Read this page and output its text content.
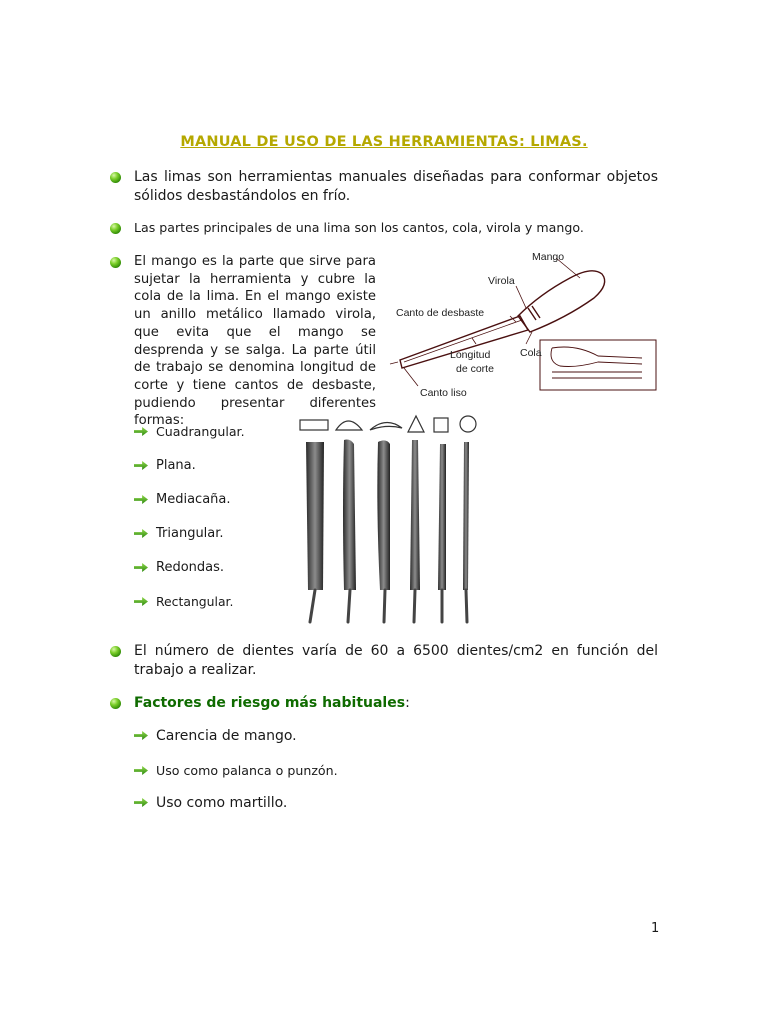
MANUAL DE USO DE LAS HERRAMIENTAS: LIMAS.

Las limas son herramientas manuales diseñadas para conformar objetos sólidos desbastándolos en frío.

Las partes principales de una lima son los cantos, cola, virola y mango.

El mango es la parte que sirve para sujetar la herramienta y cubre la cola de la lima. En el mango existe un anillo metálico llamado virola, que evita que el mango se desprenda y se salga. La parte útil de trabajo se denomina longitud de corte y tiene cantos de desbaste, pudiendo presentar diferentes formas:

Mango
Virola
Canto de desbaste
Longitud
de corte
Cola
Canto liso

Cuadrangular.

Plana.

Mediacaña.

Triangular.

Redondas.

Rectangular.

El número de dientes varía de 60 a 6500 dientes/cm2 en función del trabajo a realizar.

Factores de riesgo más habituales:

Carencia de mango.

Uso como palanca o punzón.

Uso como martillo.

1
